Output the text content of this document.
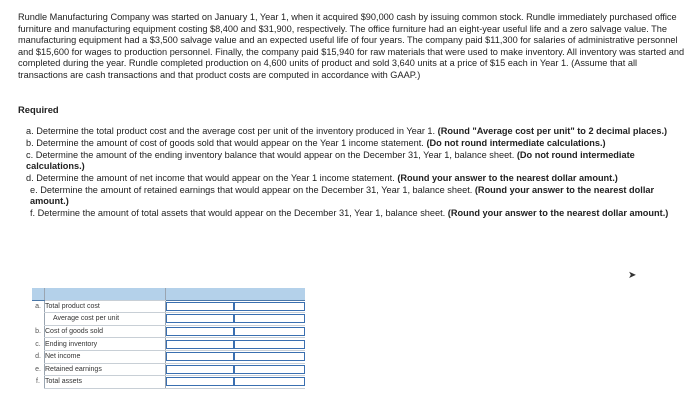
Rundle Manufacturing Company was started on January 1, Year 1, when it acquired $90,000 cash by issuing common stock. Rundle immediately purchased office furniture and manufacturing equipment costing $8,400 and $31,900, respectively. The office furniture had an eight-year useful life and a zero salvage value. The manufacturing equipment had a $3,500 salvage value and an expected useful life of four years. The company paid $11,300 for salaries of administrative personnel and $15,600 for wages to production personnel. Finally, the company paid $15,940 for raw materials that were used to make inventory. All inventory was started and completed during the year. Rundle completed production on 4,600 units of product and sold 3,640 units at a price of $15 each in Year 1. (Assume that all transactions are cash transactions and that product costs are computed in accordance with GAAP.)

Required

a. Determine the total product cost and the average cost per unit of the inventory produced in Year 1. (Round "Average cost per unit" to 2 decimal places.)
b. Determine the amount of cost of goods sold that would appear on the Year 1 income statement. (Do not round intermediate calculations.)
c. Determine the amount of the ending inventory balance that would appear on the December 31, Year 1, balance sheet. (Do not round intermediate calculations.)
d. Determine the amount of net income that would appear on the Year 1 income statement. (Round your answer to the nearest dollar amount.)
e. Determine the amount of retained earnings that would appear on the December 31, Year 1, balance sheet. (Round your answer to the nearest dollar amount.)
f. Determine the amount of total assets that would appear on the December 31, Year 1, balance sheet. (Round your answer to the nearest dollar amount.)
➤

a.	Total product cost	

	Average cost per unit	

b.	Cost of goods sold	

c.	Ending inventory	

d.	Net income	

e.	Retained earnings	

f.	Total assets	
